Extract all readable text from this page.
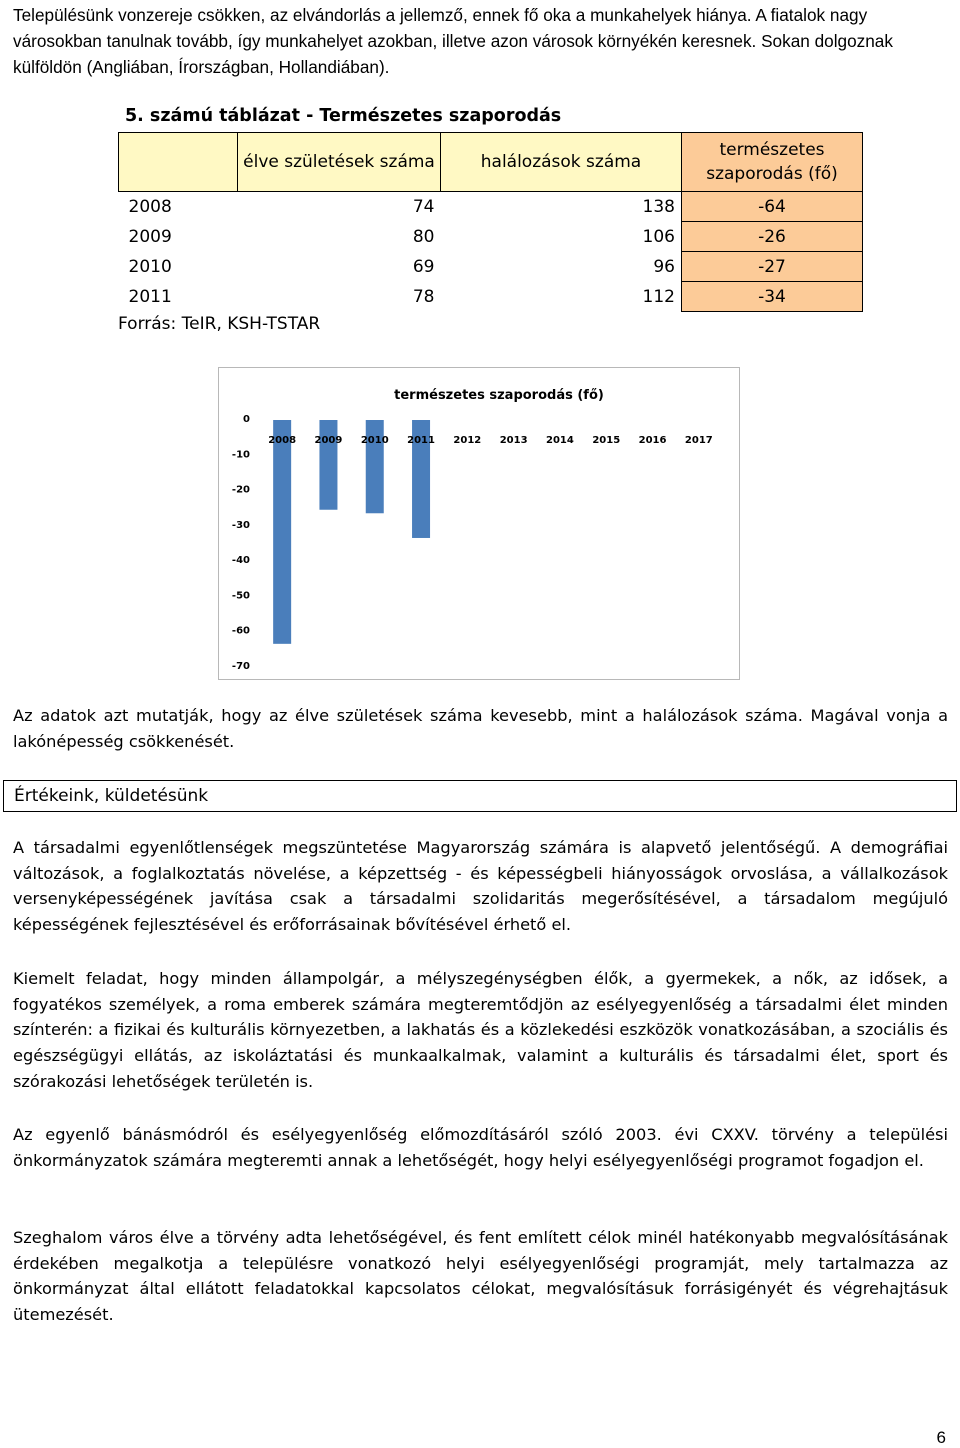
Településünk vonzereje csökken, az elvándorlás a jellemző, ennek fő oka a munkahelyek hiánya. A fiatalok nagy városokban tanulnak tovább, így munkahelyet azokban, illetve azon városok környékén keresnek. Sokan dolgoznak külföldön (Angliában, Írországban, Hollandiában).
5. számú táblázat - Természetes szaporodás
	élve születések száma	halálozások száma	természetes szaporodás (fő)
2008	74	138	-64
2009	80	106	-26
2010	69	96	-27
2011	78	112	-34
Forrás: TeIR, KSH-TSTAR
természetes szaporodás (fő)
0
-10
-20
-30
-40
-50
-60
-70
2008 2009 2010 2011 2012 2013 2014 2015 2016 2017
Az adatok azt mutatják, hogy az élve születések száma kevesebb, mint a halálozások száma. Magával vonja a lakónépesség csökkenését.
Értékeink, küldetésünk
A társadalmi egyenlőtlenségek megszüntetése Magyarország számára is alapvető jelentőségű. A demográfiai változások, a foglalkoztatás növelése, a képzettség - és képességbeli hiányosságok orvoslása, a vállalkozások versenyképességének javítása csak a társadalmi szolidaritás megerősítésével, a társadalom megújuló képességének fejlesztésével és erőforrásainak bővítésével érhető el.
Kiemelt feladat, hogy minden állampolgár, a mélyszegénységben élők, a gyermekek, a nők, az idősek, a fogyatékos személyek, a roma emberek számára megteremtődjön az esélyegyenlőség a társadalmi élet minden színterén: a fizikai és kulturális környezetben, a lakhatás és a közlekedési eszközök vonatkozásában, a szociális és egészségügyi ellátás, az iskoláztatási és munkaalkalmak, valamint a kulturális és társadalmi élet, sport és szórakozási lehetőségek területén is.
Az egyenlő bánásmódról és esélyegyenlőség előmozdításáról szóló 2003. évi CXXV. törvény a települési önkormányzatok számára megteremti annak a lehetőségét, hogy helyi esélyegyenlőségi programot fogadjon el.
Szeghalom város élve a törvény adta lehetőségével, és fent említett célok minél hatékonyabb megvalósításának érdekében megalkotja a településre vonatkozó helyi esélyegyenlőségi programját, mely tartalmazza az önkormányzat által ellátott feladatokkal kapcsolatos célokat, megvalósításuk forrásigényét és végrehajtásuk ütemezését.
6
